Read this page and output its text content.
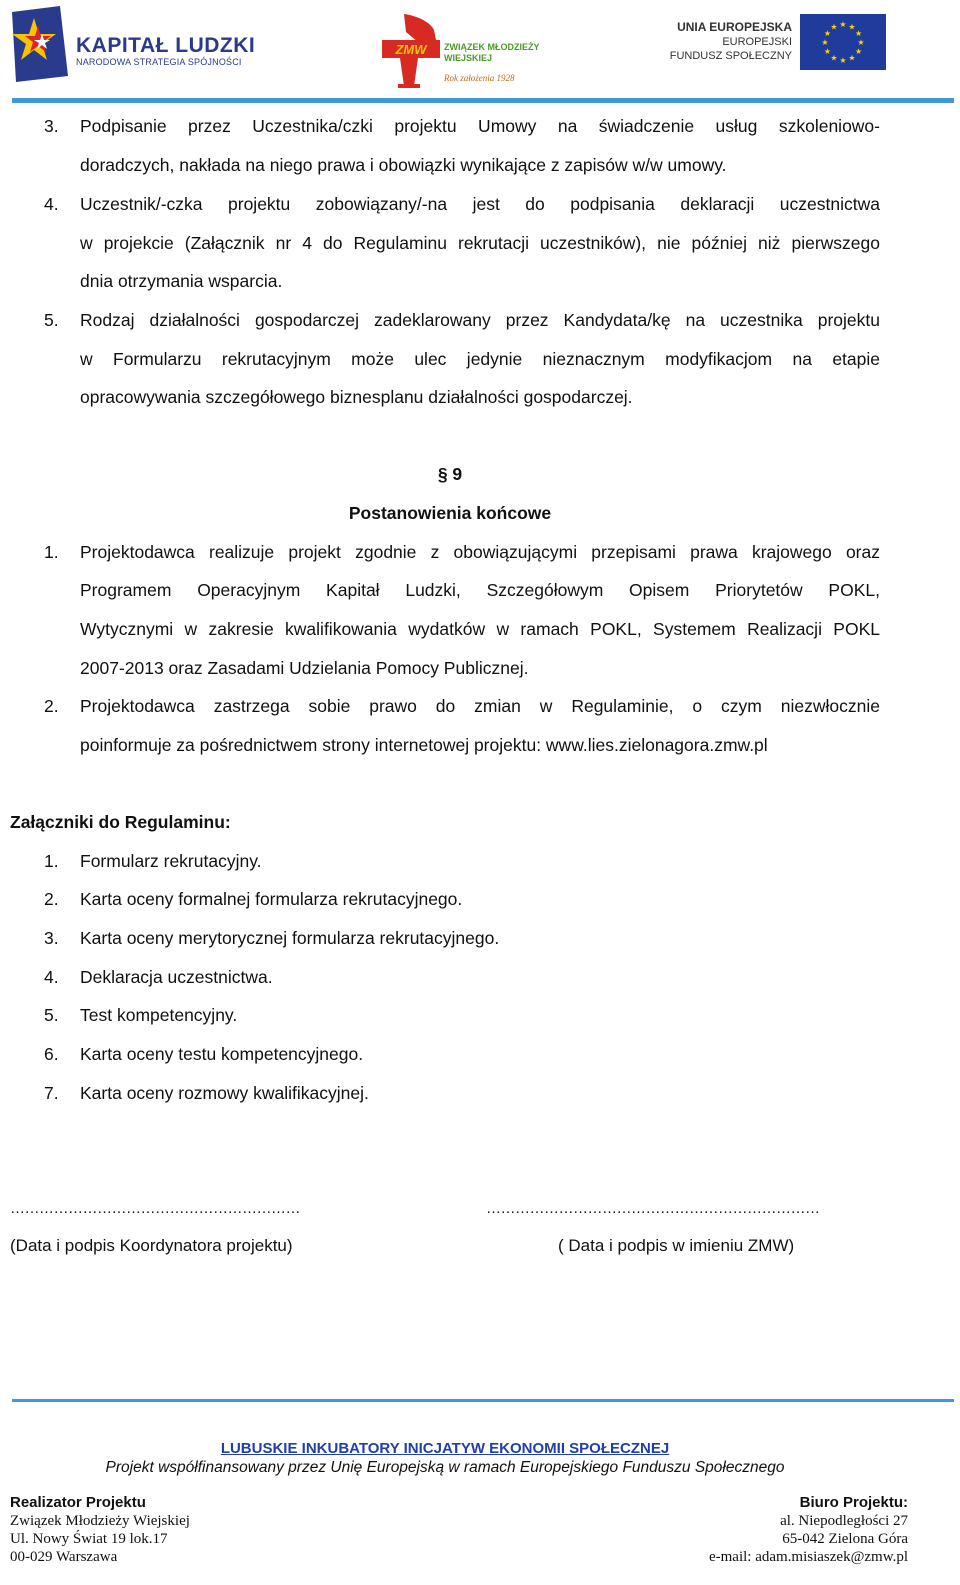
KAPITAŁ LUDZKI
NARODOWA STRATEGIA SPÓJNOŚCI
ZMW ZWIĄZEK MŁODZIEŻY
WIEJSKIEJ
Rok założenia 1928
UNIA EUROPEJSKA
EUROPEJSKI
FUNDUSZ SPOŁECZNY
★
★
★
★
★
★
★
★
★ ★ ★
★
3. Podpisanie przez Uczestnika/czki projektu Umowy na świadczenie usług szkoleniowo-
doradczych, nakłada na niego prawa i obowiązki wynikające z zapisów w/w umowy.
4. Uczestnik/-czka projektu zobowiązany/-na jest do podpisania deklaracji uczestnictwa
w projekcie (Załącznik nr 4 do Regulaminu rekrutacji uczestników), nie później niż pierwszego
dnia otrzymania wsparcia.
5. Rodzaj działalności gospodarczej zadeklarowany przez Kandydata/kę na uczestnika projektu
w Formularzu rekrutacyjnym może ulec jedynie nieznacznym modyfikacjom na etapie
opracowywania szczegółowego biznesplanu działalności gospodarczej.
§ 9
Postanowienia końcowe
1. Projektodawca realizuje projekt zgodnie z obowiązującymi przepisami prawa krajowego oraz
Programem Operacyjnym Kapitał Ludzki, Szczegółowym Opisem Priorytetów POKL,
Wytycznymi w zakresie kwalifikowania wydatków w ramach POKL, Systemem Realizacji POKL
2007-2013 oraz Zasadami Udzielania Pomocy Publicznej.
2. Projektodawca zastrzega sobie prawo do zmian w Regulaminie, o czym niezwłocznie
poinformuje za pośrednictwem strony internetowej projektu: www.lies.zielonagora.zmw.pl
Załączniki do Regulaminu:
1. Formularz rekrutacyjny.
2. Karta oceny formalnej formularza rekrutacyjnego.
3. Karta oceny merytorycznej formularza rekrutacyjnego.
4. Deklaracja uczestnictwa.
5. Test kompetencyjny.
6. Karta oceny testu kompetencyjnego.
7. Karta oceny rozmowy kwalifikacyjnej.
……………………………………………………	……………………………………………………………
(Data i podpis Koordynatora projektu)	( Data i podpis w imieniu ZMW)
LUBUSKIE INKUBATORY INICJATYW EKONOMII SPOŁECZNEJ
Projekt współfinansowany przez Unię Europejską w ramach Europejskiego Funduszu Społecznego
Realizator Projektu
Związek Młodzieży Wiejskiej
Ul. Nowy Świat 19 lok.17
00-029 Warszawa
Biuro Projektu:
al. Niepodległości 27
65-042 Zielona Góra
e-mail: adam.misiaszek@zmw.pl
